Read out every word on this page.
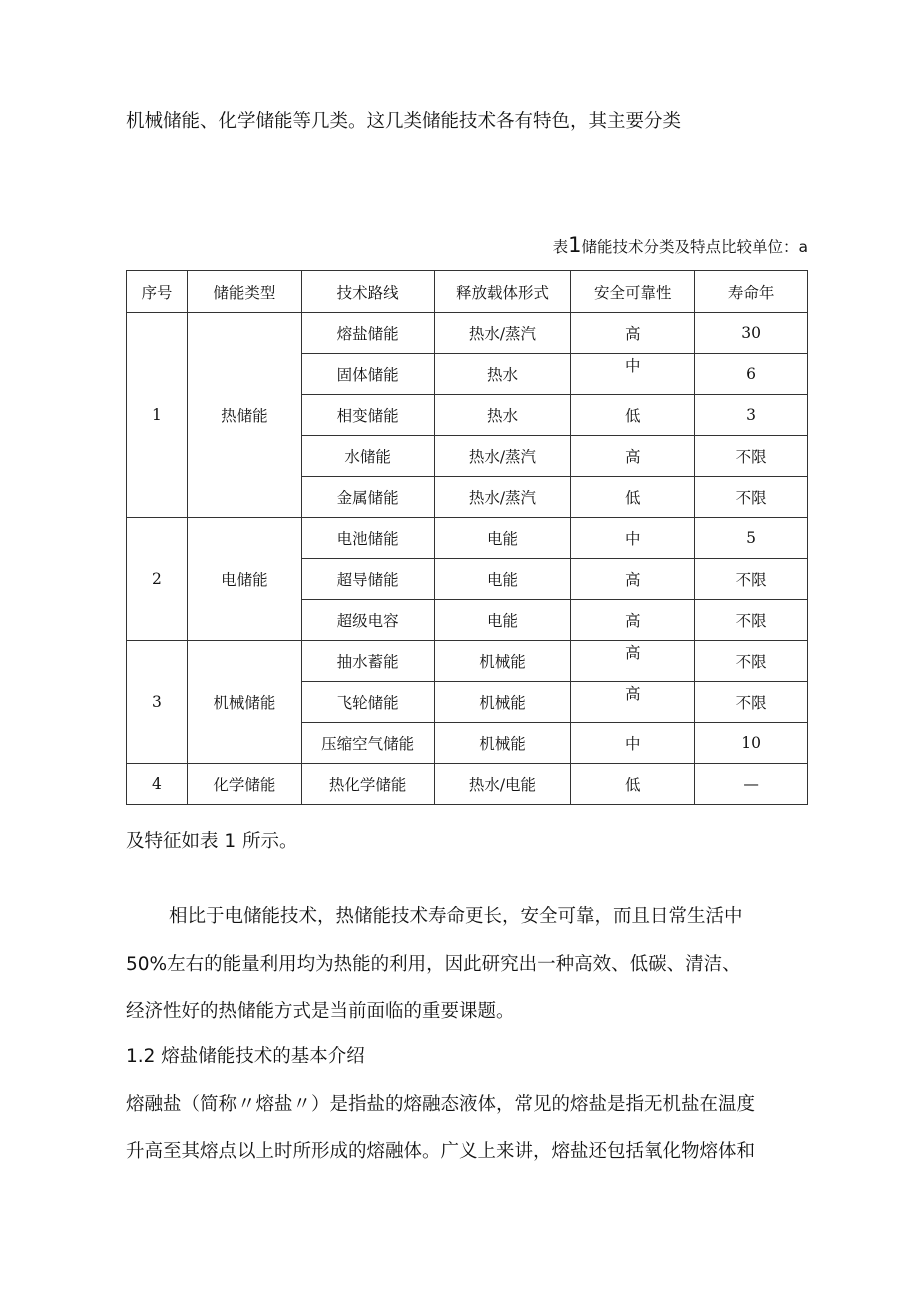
机械储能、化学储能等几类。这几类储能技术各有特色，其主要分类
表1储能技术分类及特点比较单位：a
序号	储能类型	技术路线	释放载体形式	安全可靠性	寿命年
1	热储能	熔盐储能	热水/蒸汽	高	30
		固体储能	热水	中	6
		相变储能	热水	低	3
		水储能	热水/蒸汽	高	不限
		金属储能	热水/蒸汽	低	不限
2	电储能	电池储能	电能	中	5
		超导储能	电能	高	不限
		超级电容	电能	高	不限
3	机械储能	抽水蓄能	机械能	高	不限
		飞轮储能	机械能	高	不限
		压缩空气储能	机械能	中	10
4	化学储能	热化学储能	热水/电能	低	—
及特征如表 1 所示。
相比于电储能技术，热储能技术寿命更长，安全可靠，而且日常生活中
50%左右的能量利用均为热能的利用，因此研究出一种高效、低碳、清洁、
经济性好的热储能方式是当前面临的重要课题。
1.2 熔盐储能技术的基本介绍
熔融盐（简称〃熔盐〃）是指盐的熔融态液体，常见的熔盐是指无机盐在温度
升高至其熔点以上时所形成的熔融体。广义上来讲，熔盐还包括氧化物熔体和
